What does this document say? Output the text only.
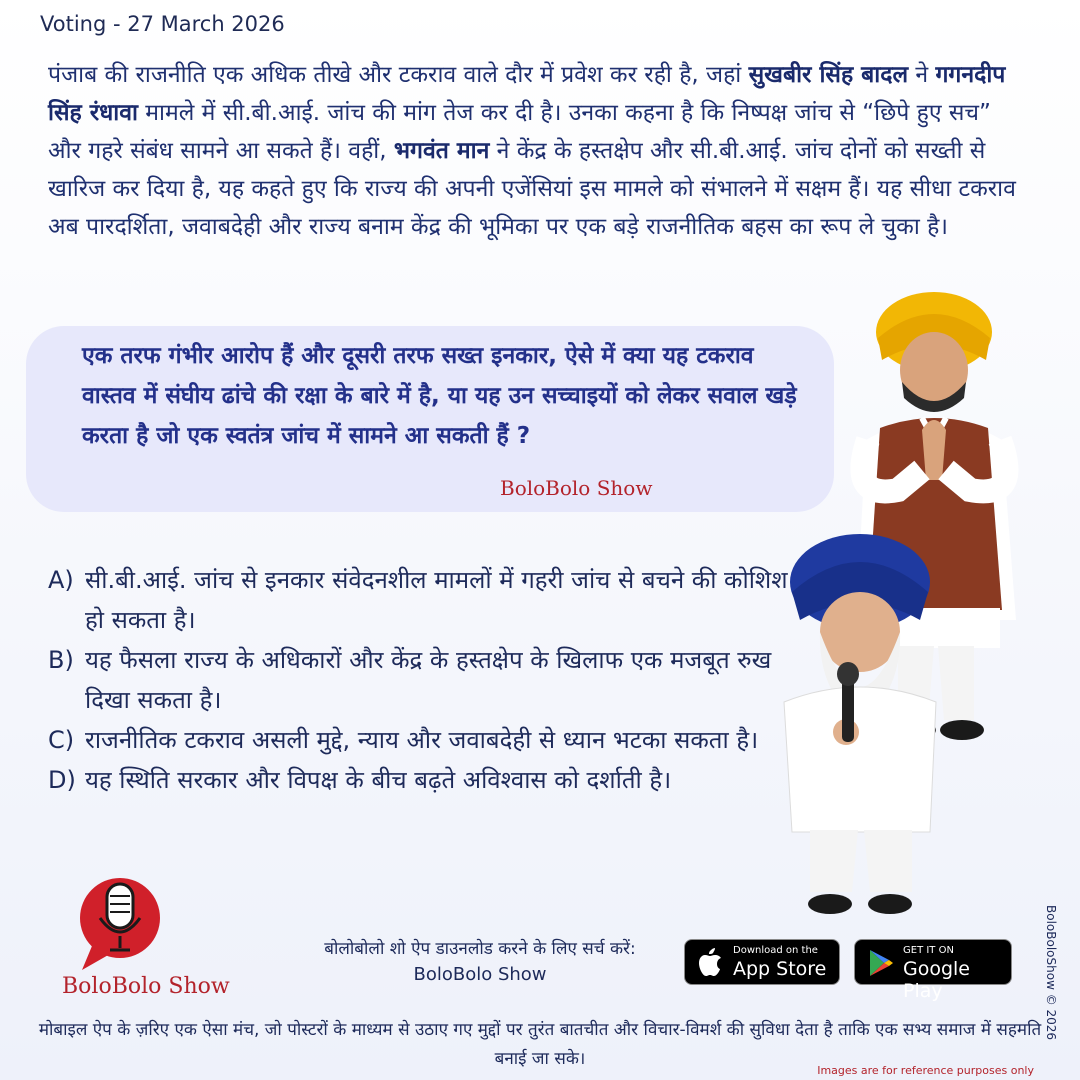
Voting - 27 March 2026

पंजाब की राजनीति एक अधिक तीखे और टकराव वाले दौर में प्रवेश कर रही है, जहां सुखबीर सिंह बादल ने गगनदीप सिंह रंधावा मामले में सी.बी.आई. जांच की मांग तेज कर दी है। उनका कहना है कि निष्पक्ष जांच से “छिपे हुए सच” और गहरे संबंध सामने आ सकते हैं। वहीं, भगवंत मान ने केंद्र के हस्तक्षेप और सी.बी.आई. जांच दोनों को सख्ती से खारिज कर दिया है, यह कहते हुए कि राज्य की अपनी एजेंसियां इस मामले को संभालने में सक्षम हैं। यह सीधा टकराव अब पारदर्शिता, जवाबदेही और राज्य बनाम केंद्र की भूमिका पर एक बड़े राजनीतिक बहस का रूप ले चुका है।

एक तरफ गंभीर आरोप हैं और दूसरी तरफ सख्त इनकार, ऐसे में क्या यह टकराव वास्तव में संघीय ढांचे की रक्षा के बारे में है, या यह उन सच्चाइयों को लेकर सवाल खड़े करता है जो एक स्वतंत्र जांच में सामने आ सकती हैं ?

BoloBolo Show
A) सी.बी.आई. जांच से इनकार संवेदनशील मामलों में गहरी जांच से बचने की कोशिश हो सकता है।
B) यह फैसला राज्य के अधिकारों और केंद्र के हस्तक्षेप के खिलाफ एक मजबूत रुख दिखा सकता है।
C) राजनीतिक टकराव असली मुद्दे, न्याय और जवाबदेही से ध्यान भटका सकता है।
D) यह स्थिति सरकार और विपक्ष के बीच बढ़ते अविश्वास को दर्शाती है।
BoloBolo Show
बोलोबोलो शो ऐप डाउनलोड करने के लिए सर्च करें:
BoloBolo Show
Download on the
App Store
GET IT ON
Google Play

मोबाइल ऐप के ज़रिए एक ऐसा मंच, जो पोस्टरों के माध्यम से उठाए गए मुद्दों पर तुरंत बातचीत और विचार-विमर्श की सुविधा देता है ताकि एक सभ्य समाज में सहमति बनाई जा सके।

BoloBoloShow © 2026
Images are for reference purposes only
